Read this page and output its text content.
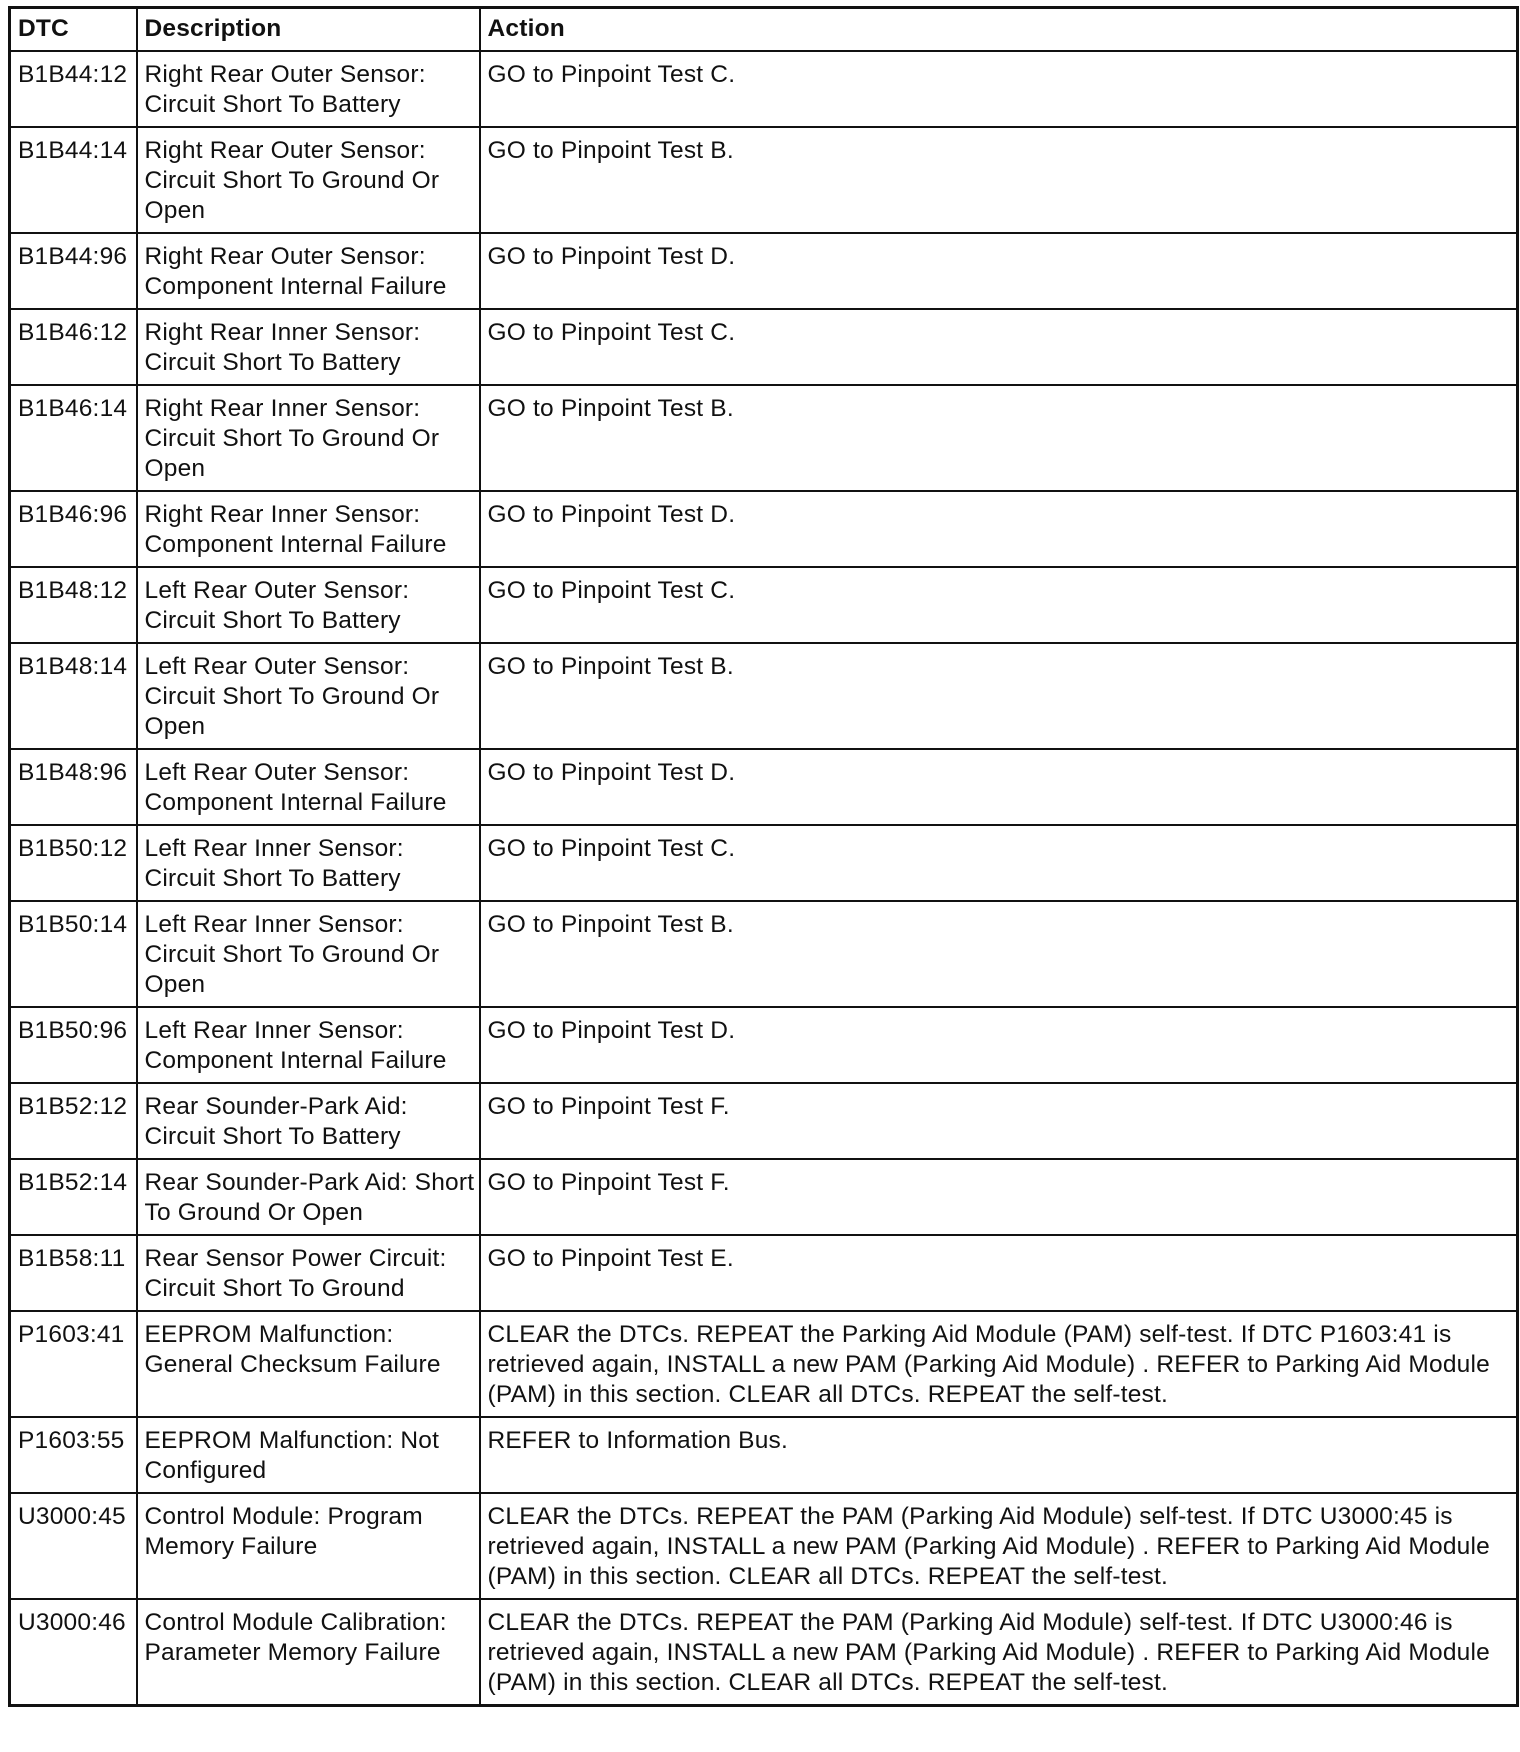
DTC	Description	Action
B1B44:12	Right Rear Outer Sensor: Circuit Short To Battery	GO to Pinpoint Test C.
B1B44:14	Right Rear Outer Sensor: Circuit Short To Ground Or Open	GO to Pinpoint Test B.
B1B44:96	Right Rear Outer Sensor: Component Internal Failure	GO to Pinpoint Test D.
B1B46:12	Right Rear Inner Sensor: Circuit Short To Battery	GO to Pinpoint Test C.
B1B46:14	Right Rear Inner Sensor: Circuit Short To Ground Or Open	GO to Pinpoint Test B.
B1B46:96	Right Rear Inner Sensor: Component Internal Failure	GO to Pinpoint Test D.
B1B48:12	Left Rear Outer Sensor: Circuit Short To Battery	GO to Pinpoint Test C.
B1B48:14	Left Rear Outer Sensor: Circuit Short To Ground Or Open	GO to Pinpoint Test B.
B1B48:96	Left Rear Outer Sensor: Component Internal Failure	GO to Pinpoint Test D.
B1B50:12	Left Rear Inner Sensor: Circuit Short To Battery	GO to Pinpoint Test C.
B1B50:14	Left Rear Inner Sensor: Circuit Short To Ground Or Open	GO to Pinpoint Test B.
B1B50:96	Left Rear Inner Sensor: Component Internal Failure	GO to Pinpoint Test D.
B1B52:12	Rear Sounder-Park Aid: Circuit Short To Battery	GO to Pinpoint Test F.
B1B52:14	Rear Sounder-Park Aid: Short To Ground Or Open	GO to Pinpoint Test F.
B1B58:11	Rear Sensor Power Circuit: Circuit Short To Ground	GO to Pinpoint Test E.
P1603:41	EEPROM Malfunction: General Checksum Failure	CLEAR the DTCs. REPEAT the Parking Aid Module (PAM) self-test. If DTC P1603:41 is retrieved again, INSTALL a new PAM (Parking Aid Module) . REFER to Parking Aid Module (PAM) in this section. CLEAR all DTCs. REPEAT the self-test.
P1603:55	EEPROM Malfunction: Not Configured	REFER to Information Bus.
U3000:45	Control Module: Program Memory Failure	CLEAR the DTCs. REPEAT the PAM (Parking Aid Module) self-test. If DTC U3000:45 is retrieved again, INSTALL a new PAM (Parking Aid Module) . REFER to Parking Aid Module (PAM) in this section. CLEAR all DTCs. REPEAT the self-test.
U3000:46	Control Module Calibration: Parameter Memory Failure	CLEAR the DTCs. REPEAT the PAM (Parking Aid Module) self-test. If DTC U3000:46 is retrieved again, INSTALL a new PAM (Parking Aid Module) . REFER to Parking Aid Module (PAM) in this section. CLEAR all DTCs. REPEAT the self-test.
